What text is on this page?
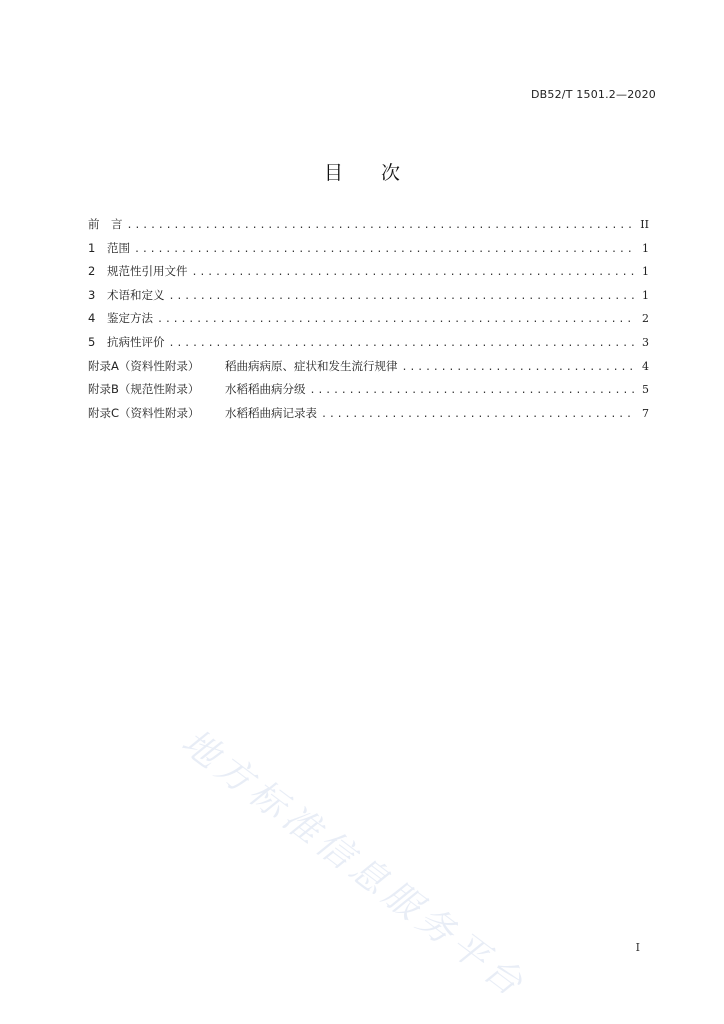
DB52/T 1501.2—2020
目 次
前　言 .....	II
1	范围 .....	1
2	规范性引用文件 .....	1
3	术语和定义 .....	1
4	鉴定方法 .....	2
5	抗病性评价 .....	3
附录A（资料性附录）	稻曲病病原、症状和发生流行规律 .....	4
附录B（规范性附录）	水稻稻曲病分级 .....	5
附录C（资料性附录）	水稻稻曲病记录表 .....	7
地方标准信息服务平台	I
